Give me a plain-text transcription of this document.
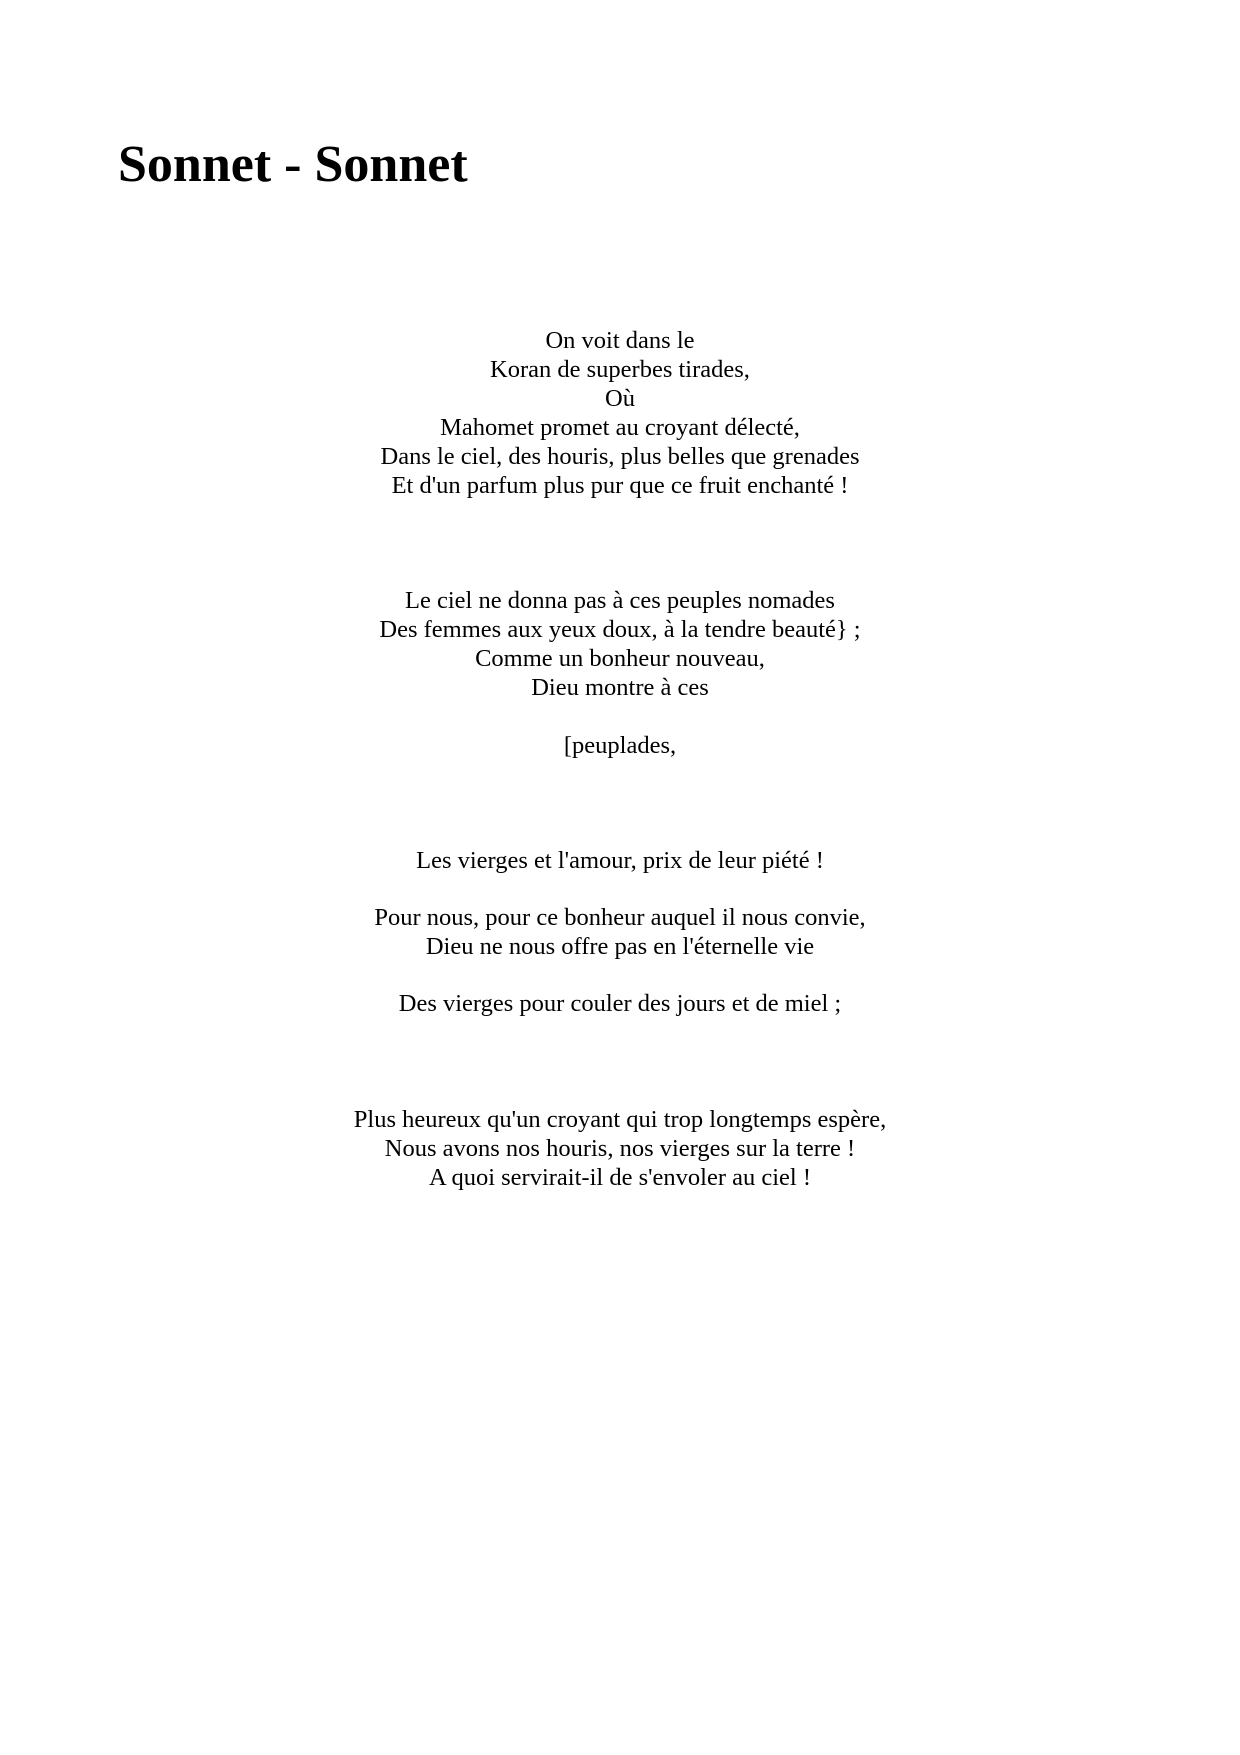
Sonnet - Sonnet
On voit dans le
Koran de superbes tirades,
Où
Mahomet promet au croyant délecté,
Dans le ciel, des houris, plus belles que grenades
Et d'un parfum plus pur que ce fruit enchanté !
Le ciel ne donna pas à ces peuples nomades
Des femmes aux yeux doux, à la tendre beauté} ;
Comme un bonheur nouveau,
Dieu montre à ces
[peuplades,
Les vierges et l'amour, prix de leur piété !
Pour nous, pour ce bonheur auquel il nous convie,
Dieu ne nous offre pas en l'éternelle vie
Des vierges pour couler des jours et de miel ;
Plus heureux qu'un croyant qui trop longtemps espère,
Nous avons nos houris, nos vierges sur la terre !
A quoi servirait-il de s'envoler au ciel !
